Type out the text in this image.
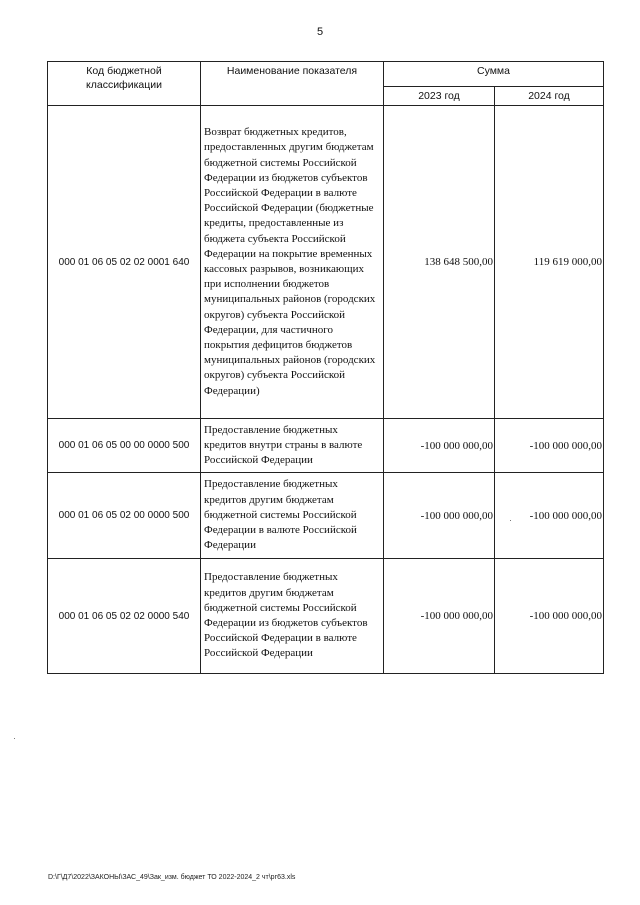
5
Код бюджетной классификации	Наименование показателя	Сумма	
		2023 год	2024 год
000 01 06 05 02 02 0001 640	Возврат бюджетных кредитов, предоставленных другим бюджетам бюджетной системы Российской Федерации из бюджетов субъектов Российской Федерации в валюте Российской Федерации (бюджетные кредиты, предоставленные из бюджета субъекта Российской Федерации на покрытие временных кассовых разрывов, возникающих при исполнении бюджетов муниципальных районов (городских округов) субъекта Российской Федерации, для частичного покрытия дефицитов бюджетов муниципальных районов (городских округов) субъекта Российской Федерации)	138 648 500,00	119 619 000,00
000 01 06 05 00 00 0000 500	Предоставление бюджетных кредитов внутри страны в валюте Российской Федерации	-100 000 000,00	-100 000 000,00
000 01 06 05 02 00 0000 500	Предоставление бюджетных кредитов другим бюджетам бюджетной системы Российской Федерации в валюте Российской Федерации	-100 000 000,00	-100 000 000,00
000 01 06 05 02 02 0000 540	Предоставление бюджетных кредитов другим бюджетам бюджетной системы Российской Федерации из бюджетов субъектов Российской Федерации в валюте Российской Федерации	-100 000 000,00	-100 000 000,00
D:\Г\Д7\2022\ЗАКОНЫ\ЗАС_49\Зак_изм. бюджет ТО 2022-2024_2 чт\рг63.xls
